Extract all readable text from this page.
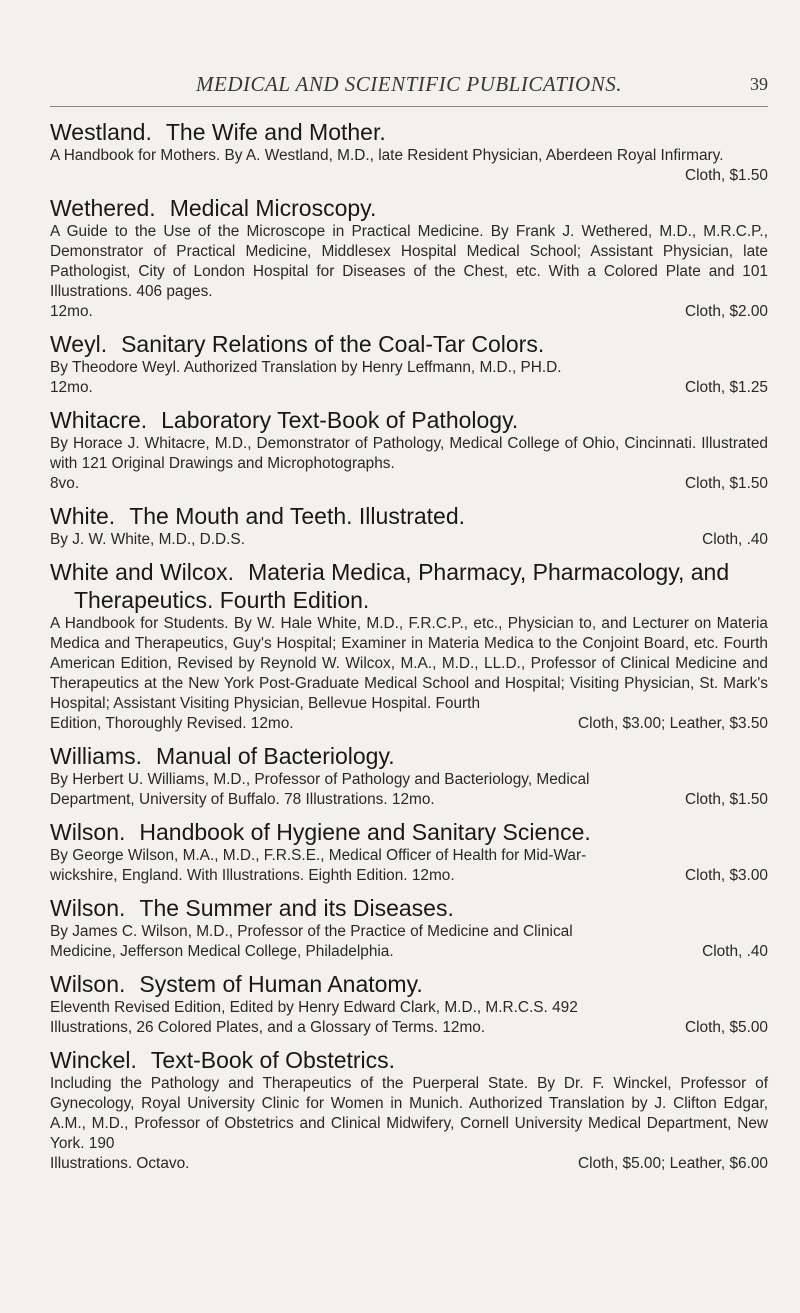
MEDICAL AND SCIENTIFIC PUBLICATIONS.	39
Westland. The Wife and Mother.
A Handbook for Mothers. By A. Westland, M.D., late Resident Physician, Aberdeen Royal Infirmary.
Cloth, $1.50
Wethered. Medical Microscopy.
A Guide to the Use of the Microscope in Practical Medicine. By Frank J. Wethered, M.D., M.R.C.P., Demonstrator of Practical Medicine, Middlesex Hospital Medical School; Assistant Physician, late Pathologist, City of London Hospital for Diseases of the Chest, etc. With a Colored Plate and 101 Illustrations. 406 pages.
12mo.	Cloth, $2.00
Weyl. Sanitary Relations of the Coal-Tar Colors.
By Theodore Weyl. Authorized Translation by Henry Leffmann, M.D., PH.D.
12mo.	Cloth, $1.25
Whitacre. Laboratory Text-Book of Pathology.
By Horace J. Whitacre, M.D., Demonstrator of Pathology, Medical College of Ohio, Cincinnati. Illustrated with 121 Original Drawings and Microphotographs.
8vo.	Cloth, $1.50
White. The Mouth and Teeth. Illustrated.
By J. W. White, M.D., D.D.S.	Cloth, .40
White and Wilcox. Materia Medica, Pharmacy, Pharmacology, and Therapeutics. Fourth Edition.
A Handbook for Students. By W. Hale White, M.D., F.R.C.P., etc., Physician to, and Lecturer on Materia Medica and Therapeutics, Guy's Hospital; Examiner in Materia Medica to the Conjoint Board, etc. Fourth American Edition, Revised by Reynold W. Wilcox, M.A., M.D., LL.D., Professor of Clinical Medicine and Therapeutics at the New York Post-Graduate Medical School and Hospital; Visiting Physician, St. Mark's Hospital; Assistant Visiting Physician, Bellevue Hospital. Fourth
Edition, Thoroughly Revised. 12mo.	Cloth, $3.00; Leather, $3.50
Williams. Manual of Bacteriology.
By Herbert U. Williams, M.D., Professor of Pathology and Bacteriology, Medical
Department, University of Buffalo. 78 Illustrations. 12mo.	Cloth, $1.50
Wilson. Handbook of Hygiene and Sanitary Science.
By George Wilson, M.A., M.D., F.R.S.E., Medical Officer of Health for Mid-War-
wickshire, England. With Illustrations. Eighth Edition. 12mo.	Cloth, $3.00
Wilson. The Summer and its Diseases.
By James C. Wilson, M.D., Professor of the Practice of Medicine and Clinical
Medicine, Jefferson Medical College, Philadelphia.	Cloth, .40
Wilson. System of Human Anatomy.
Eleventh Revised Edition, Edited by Henry Edward Clark, M.D., M.R.C.S. 492
Illustrations, 26 Colored Plates, and a Glossary of Terms. 12mo.	Cloth, $5.00
Winckel. Text-Book of Obstetrics.
Including the Pathology and Therapeutics of the Puerperal State. By Dr. F. Winckel, Professor of Gynecology, Royal University Clinic for Women in Munich. Authorized Translation by J. Clifton Edgar, A.M., M.D., Professor of Obstetrics and Clinical Midwifery, Cornell University Medical Department, New York. 190
Illustrations. Octavo.	Cloth, $5.00; Leather, $6.00
